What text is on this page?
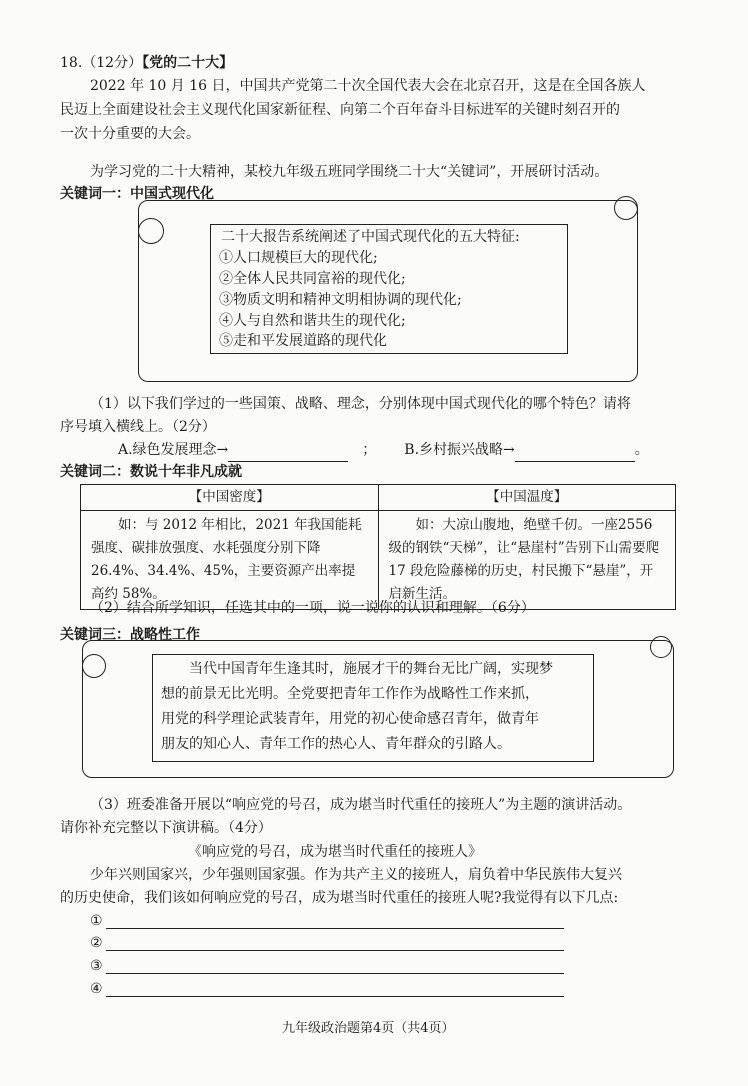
18.（12分）【党的二十大】
2022 年 10 月 16 日，中国共产党第二十次全国代表大会在北京召开，这是在全国各族人
民迈上全面建设社会主义现代化国家新征程、向第二个百年奋斗目标进军的关键时刻召开的
一次十分重要的大会。
为学习党的二十大精神，某校九年级五班同学围绕二十大“关键词”，开展研讨活动。
关键词一：中国式现代化
二十大报告系统阐述了中国式现代化的五大特征:
①人口规模巨大的现代化;
②全体人民共同富裕的现代化;
③物质文明和精神文明相协调的现代化;
④人与自然和谐共生的现代化;
⑤走和平发展道路的现代化
（1）以下我们学过的一些国策、战略、理念，分别体现中国式现代化的哪个特色？请将
序号填入横线上。（2分）
A.绿色发展理念→	； B.乡村振兴战略→	。
关键词二：数说十年非凡成就
【中国密度】	【中国温度】
如：与 2012 年相比，2021 年我国能耗强度、碳排放强度、水耗强度分别下降 26.4%、34.4%、45%，主要资源产出率提高约 58%。	如：大凉山腹地，绝壁千仞。一座2556级的钢铁“天梯”，让“悬崖村”告别下山需要爬 17 段危险藤梯的历史，村民搬下“悬崖”，开启新生活。
（2）结合所学知识，任选其中的一项，说一说你的认识和理解。（6分）
关键词三：战略性工作
当代中国青年生逢其时，施展才干的舞台无比广阔，实现梦
想的前景无比光明。全党要把青年工作作为战略性工作来抓，
用党的科学理论武装青年，用党的初心使命感召青年，做青年
朋友的知心人、青年工作的热心人、青年群众的引路人。
（3）班委准备开展以“响应党的号召，成为堪当时代重任的接班人”为主题的演讲活动。
请你补充完整以下演讲稿。（4分）
《响应党的号召，成为堪当时代重任的接班人》
少年兴则国家兴，少年强则国家强。作为共产主义的接班人，肩负着中华民族伟大复兴
的历史使命，我们该如何响应党的号召，成为堪当时代重任的接班人呢?我觉得有以下几点:
①
②
③
④
九年级政治题第4页（共4页）
